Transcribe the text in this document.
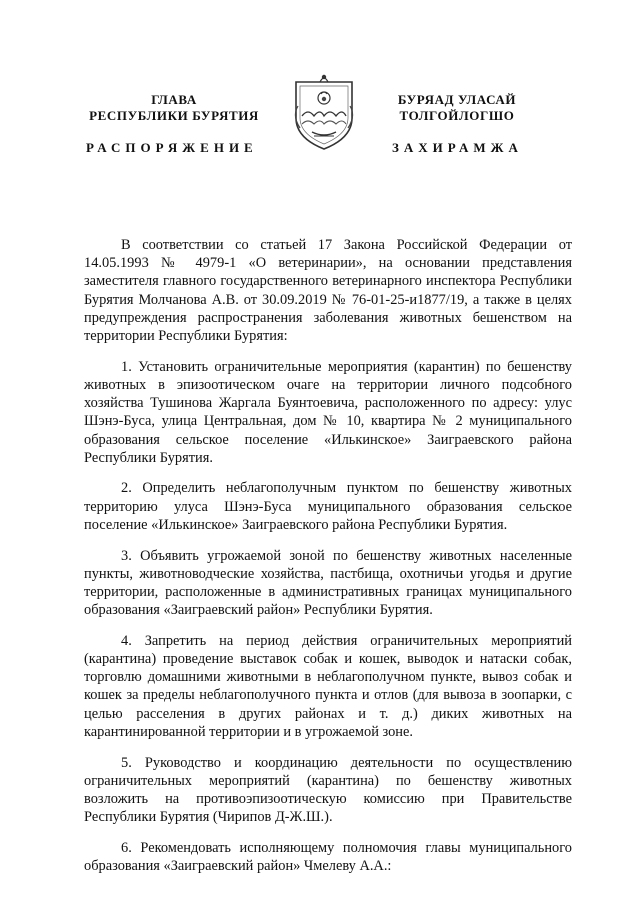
ГЛАВА
РЕСПУБЛИКИ БУРЯТИЯ
БУРЯАД УЛАСАЙ
ТОЛГОЙЛОГШО
РАСПОРЯЖЕНИЕ	ЗАХИРАМЖА

В соответствии со статьей 17 Закона Российской Федерации от 14.05.1993 № 4979-1 «О ветеринарии», на основании представления заместителя главного государственного ветеринарного инспектора Республики Бурятия Молчанова А.В. от 30.09.2019 № 76-01-25-и1877/19, а также в целях предупреждения распространения заболевания животных бешенством на территории Республики Бурятия:

1. Установить ограничительные мероприятия (карантин) по бешенству животных в эпизоотическом очаге на территории личного подсобного хозяйства Тушинова Жаргала Буянтоевича, расположенного по адресу: улус Шэнэ-Буса, улица Центральная, дом № 10, квартира № 2 муниципального образования сельское поселение «Илькинское» Заиграевского района Республики Бурятия.

2. Определить неблагополучным пунктом по бешенству животных территорию улуса Шэнэ-Буса муниципального образования сельское поселение «Илькинское» Заиграевского района Республики Бурятия.

3. Объявить угрожаемой зоной по бешенству животных населенные пункты, животноводческие хозяйства, пастбища, охотничьи угодья и другие территории, расположенные в административных границах муниципального образования «Заиграевский район» Республики Бурятия.

4. Запретить на период действия ограничительных мероприятий (карантина) проведение выставок собак и кошек, выводок и натаски собак, торговлю домашними животными в неблагополучном пункте, вывоз собак и кошек за пределы неблагополучного пункта и отлов (для вывоза в зоопарки, с целью расселения в других районах и т. д.) диких животных на карантинированной территории и в угрожаемой зоне.

5. Руководство и координацию деятельности по осуществлению ограничительных мероприятий (карантина) по бешенству животных возложить на противоэпизоотическую комиссию при Правительстве Республики Бурятия (Чирипов Д-Ж.Ш.).

6. Рекомендовать исполняющему полномочия главы муниципального образования «Заиграевский район» Чмелеву А.А.:
